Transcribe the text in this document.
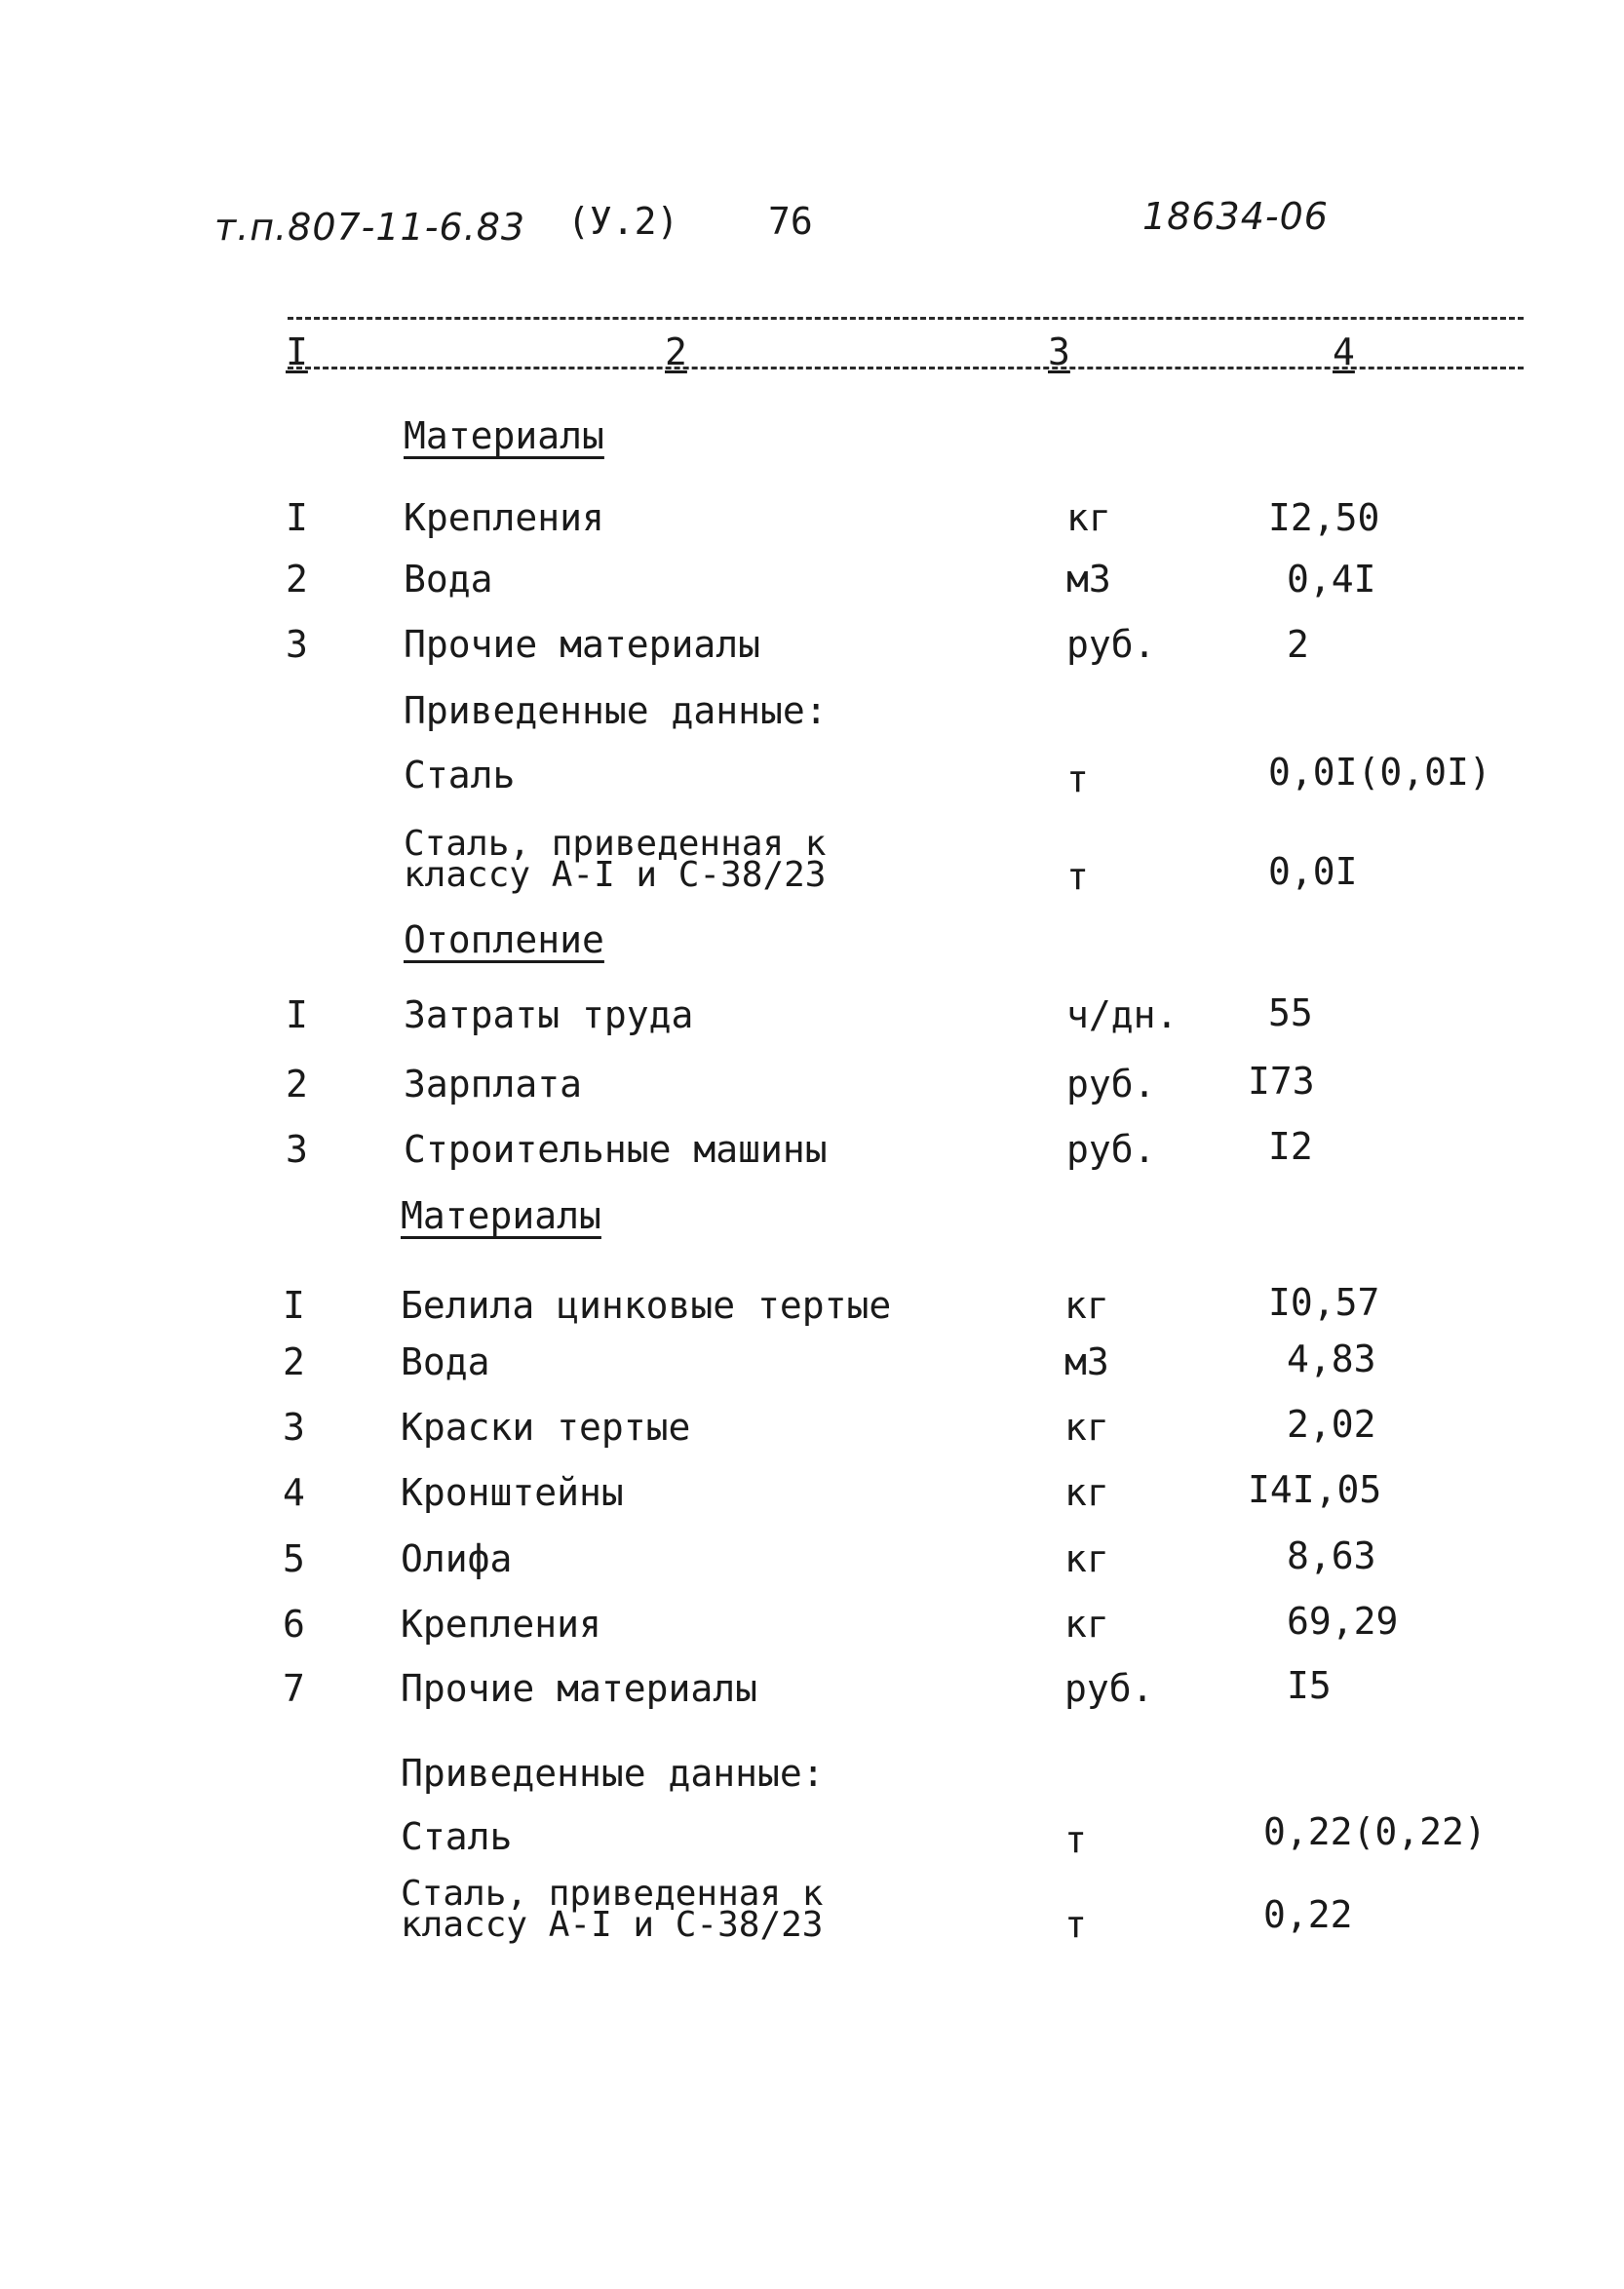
т.п.807-11-6.83 (У.2) 76	18634-06
I	2	3	4
Материалы
I	Крепления	кг	I2,50
2	Вода	м3	0,4I
3	Прочие материалы	руб.	2
Приведенные данные:
Сталь	т	0,0I(0,0I)
Сталь, приведенная к
классу А-I и С-38/23	т	0,0I
Отопление
I	Затраты труда	ч/дн. 55
2	Зарплата	руб. I73
3	Строительные машины	руб.	I2
Материалы
I	Белила цинковые тертые	кг	I0,57
2	Вода	м3	4,83
3	Краски тертые	кг	2,02
4	Кронштейны	кг	I4I,05
5	Олифа	кг	8,63
6	Крепления	кг	69,29
7	Прочие материалы	руб.	I5
Приведенные данные:
Сталь	т	0,22(0,22)
Сталь, приведенная к
классу А-I и С-38/23	т	0,22
